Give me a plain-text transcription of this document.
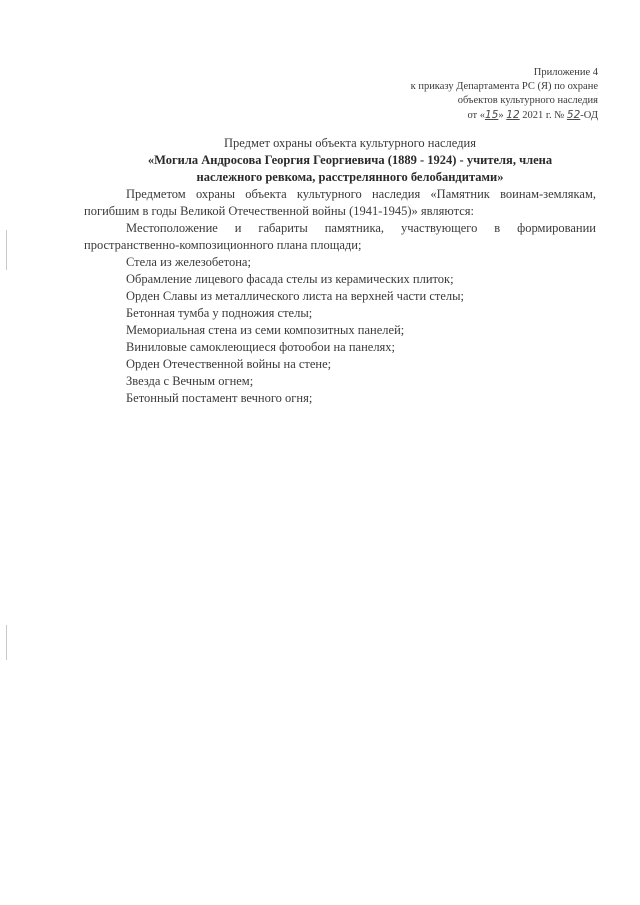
Приложение 4
к приказу Департамента РС (Я) по охране
объектов культурного наследия
от «15» 12 2021 г. № 52-ОД
Предмет охраны объекта культурного наследия
«Могила Андросова Георгия Георгиевича (1889 - 1924) - учителя, члена
наслежного ревкома, расстрелянного белобандитами»

Предметом охраны объекта культурного наследия «Памятник воинам-землякам, погибшим в годы Великой Отечественной войны (1941-1945)» являются:

Местоположение и габариты памятника, участвующего в формировании пространственно-композиционного плана площади;

Стела из железобетона;

Обрамление лицевого фасада стелы из керамических плиток;

Орден Славы из металлического листа на верхней части стелы;

Бетонная тумба у подножия стелы;

Мемориальная стена из семи композитных панелей;

Виниловые самоклеющиеся фотообои на панелях;

Орден Отечественной войны на стене;

Звезда с Вечным огнем;

Бетонный постамент вечного огня;
